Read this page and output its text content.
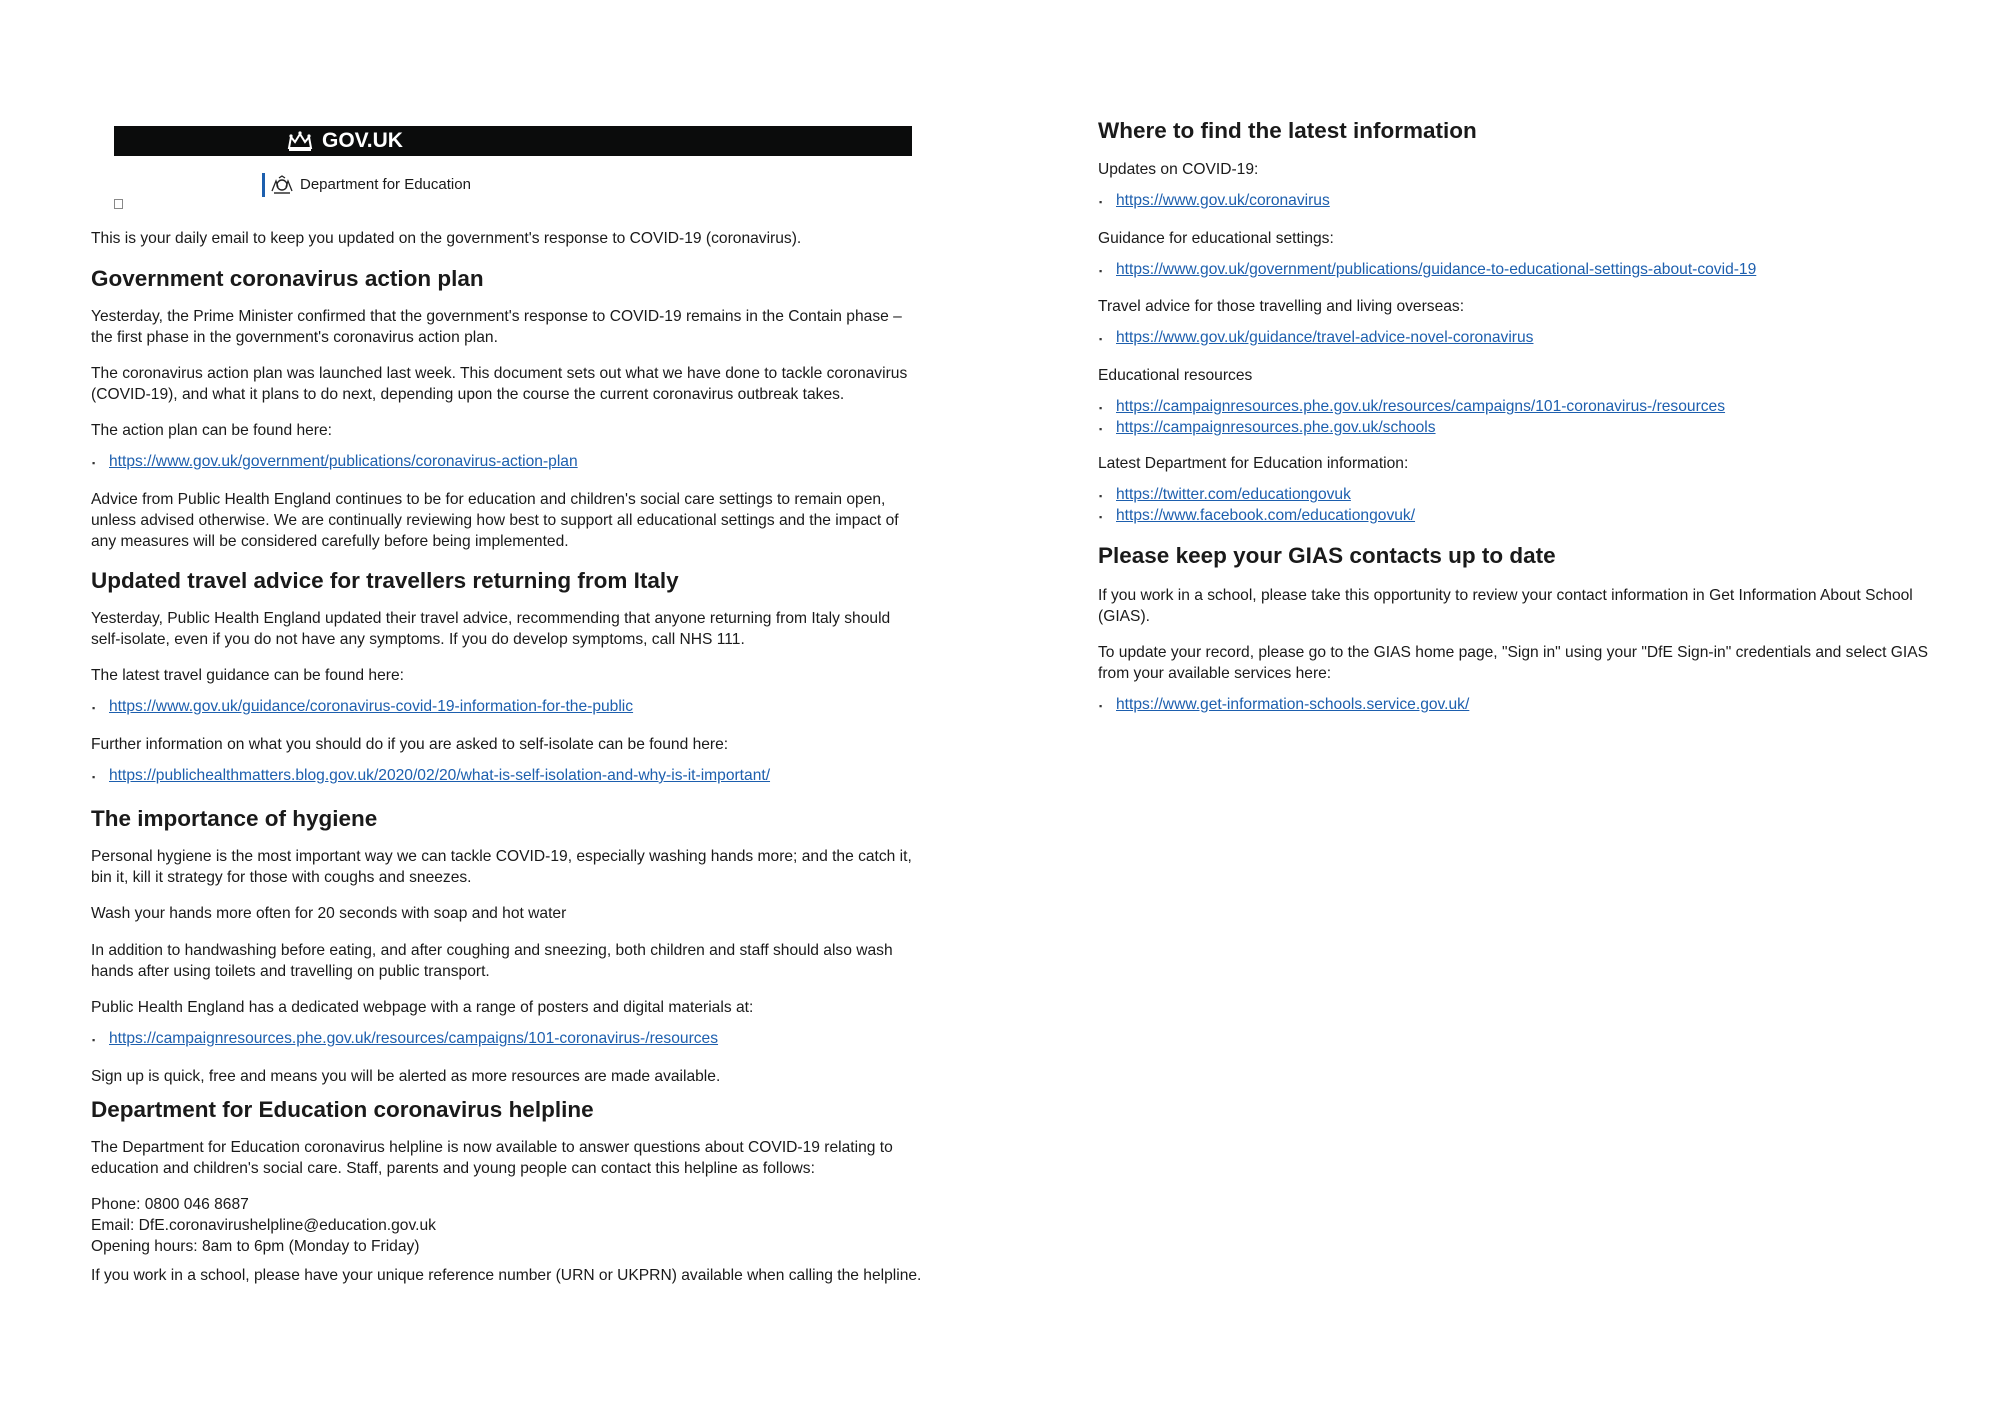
GOV.UK
Department for Education
This is your daily email to keep you updated on the government's response to COVID-19 (coronavirus).
Government coronavirus action plan
Yesterday, the Prime Minister confirmed that the government's response to COVID-19 remains in the Contain phase –
the first phase in the government's coronavirus action plan.
The coronavirus action plan was launched last week. This document sets out what we have done to tackle coronavirus
(COVID-19), and what it plans to do next, depending upon the course the current coronavirus outbreak takes.
The action plan can be found here:
▪ https://www.gov.uk/government/publications/coronavirus-action-plan
Advice from Public Health England continues to be for education and children's social care settings to remain open,
unless advised otherwise. We are continually reviewing how best to support all educational settings and the impact of
any measures will be considered carefully before being implemented.
Updated travel advice for travellers returning from Italy
Yesterday, Public Health England updated their travel advice, recommending that anyone returning from Italy should
self-isolate, even if you do not have any symptoms. If you do develop symptoms, call NHS 111.
The latest travel guidance can be found here:
▪ https://www.gov.uk/guidance/coronavirus-covid-19-information-for-the-public
Further information on what you should do if you are asked to self-isolate can be found here:
▪ https://publichealthmatters.blog.gov.uk/2020/02/20/what-is-self-isolation-and-why-is-it-important/
The importance of hygiene
Personal hygiene is the most important way we can tackle COVID-19, especially washing hands more; and the catch it,
bin it, kill it strategy for those with coughs and sneezes.
Wash your hands more often for 20 seconds with soap and hot water
In addition to handwashing before eating, and after coughing and sneezing, both children and staff should also wash
hands after using toilets and travelling on public transport.
Public Health England has a dedicated webpage with a range of posters and digital materials at:
▪ https://campaignresources.phe.gov.uk/resources/campaigns/101-coronavirus-/resources
Sign up is quick, free and means you will be alerted as more resources are made available.
Department for Education coronavirus helpline
The Department for Education coronavirus helpline is now available to answer questions about COVID-19 relating to
education and children's social care. Staff, parents and young people can contact this helpline as follows:
Phone: 0800 046 8687
Email: DfE.coronavirushelpline@education.gov.uk
Opening hours: 8am to 6pm (Monday to Friday)
If you work in a school, please have your unique reference number (URN or UKPRN) available when calling the helpline.
Where to find the latest information
Updates on COVID-19:
▪ https://www.gov.uk/coronavirus
Guidance for educational settings:
▪ https://www.gov.uk/government/publications/guidance-to-educational-settings-about-covid-19
Travel advice for those travelling and living overseas:
▪ https://www.gov.uk/guidance/travel-advice-novel-coronavirus
Educational resources
▪ https://campaignresources.phe.gov.uk/resources/campaigns/101-coronavirus-/resources
▪ https://campaignresources.phe.gov.uk/schools
Latest Department for Education information:
▪ https://twitter.com/educationgovuk
▪ https://www.facebook.com/educationgovuk/
Please keep your GIAS contacts up to date
If you work in a school, please take this opportunity to review your contact information in Get Information About School
(GIAS).
To update your record, please go to the GIAS home page, "Sign in" using your "DfE Sign-in" credentials and select GIAS
from your available services here:
▪ https://www.get-information-schools.service.gov.uk/
